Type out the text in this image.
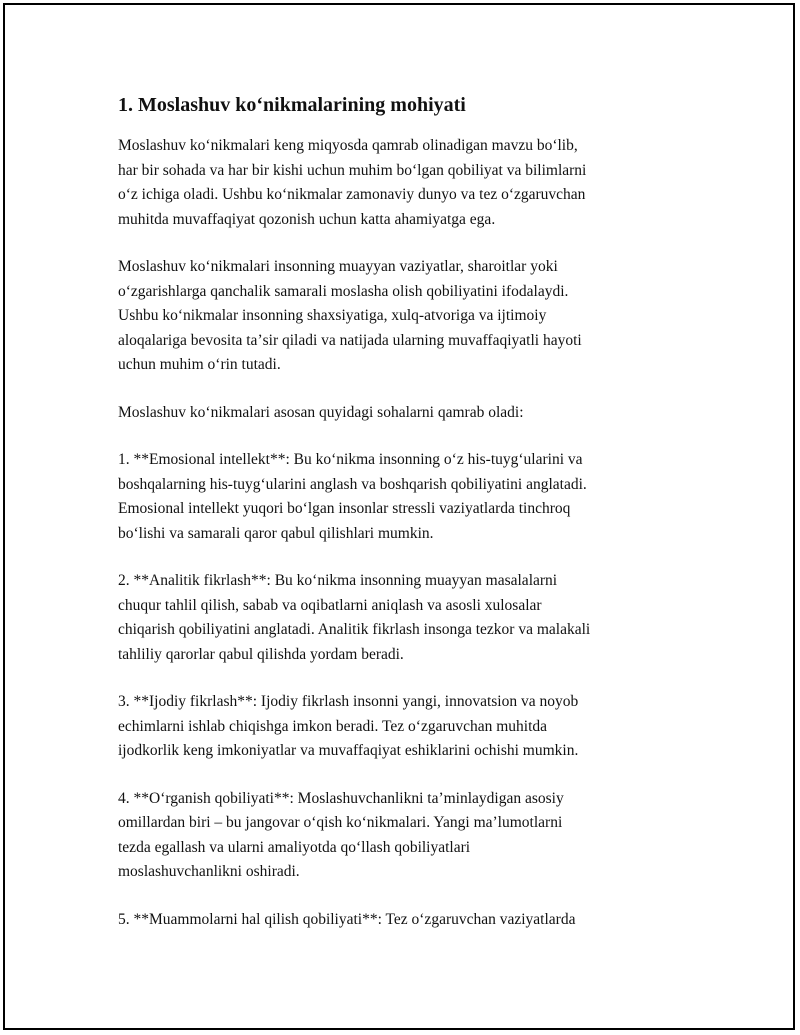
1. Moslashuv koʻnikmalarining mohiyati

Moslashuv koʻnikmalari keng miqyosda qamrab olinadigan mavzu boʻlib,
har bir sohada va har bir kishi uchun muhim boʻlgan qobiliyat va bilimlarni
oʻz ichiga oladi. Ushbu koʻnikmalar zamonaviy dunyo va tez oʻzgaruvchan
muhitda muvaffaqiyat qozonish uchun katta ahamiyatga ega.

Moslashuv koʻnikmalari insonning muayyan vaziyatlar, sharoitlar yoki
oʻzgarishlarga qanchalik samarali moslasha olish qobiliyatini ifodalaydi.
Ushbu koʻnikmalar insonning shaxsiyatiga, xulq-atvoriga va ijtimoiy
aloqalariga bevosita taʼsir qiladi va natijada ularning muvaffaqiyatli hayoti
uchun muhim oʻrin tutadi.

Moslashuv koʻnikmalari asosan quyidagi sohalarni qamrab oladi:

1. **Emosional intellekt**: Bu koʻnikma insonning oʻz his-tuygʻularini va
boshqalarning his-tuygʻularini anglash va boshqarish qobiliyatini anglatadi.
Emosional intellekt yuqori boʻlgan insonlar stressli vaziyatlarda tinchroq
boʻlishi va samarali qaror qabul qilishlari mumkin.

2. **Analitik fikrlash**: Bu koʻnikma insonning muayyan masalalarni
chuqur tahlil qilish, sabab va oqibatlarni aniqlash va asosli xulosalar
chiqarish qobiliyatini anglatadi. Analitik fikrlash insonga tezkor va malakali
tahliliy qarorlar qabul qilishda yordam beradi.

3. **Ijodiy fikrlash**: Ijodiy fikrlash insonni yangi, innovatsion va noyob
echimlarni ishlab chiqishga imkon beradi. Tez oʻzgaruvchan muhitda
ijodkorlik keng imkoniyatlar va muvaffaqiyat eshiklarini ochishi mumkin.

4. **Oʻrganish qobiliyati**: Moslashuvchanlikni taʼminlaydigan asosiy
omillardan biri – bu jangovar oʻqish koʻnikmalari. Yangi maʼlumotlarni
tezda egallash va ularni amaliyotda qoʻllash qobiliyatlari
moslashuvchanlikni oshiradi.

5. **Muammolarni hal qilish qobiliyati**: Tez oʻzgaruvchan vaziyatlarda
